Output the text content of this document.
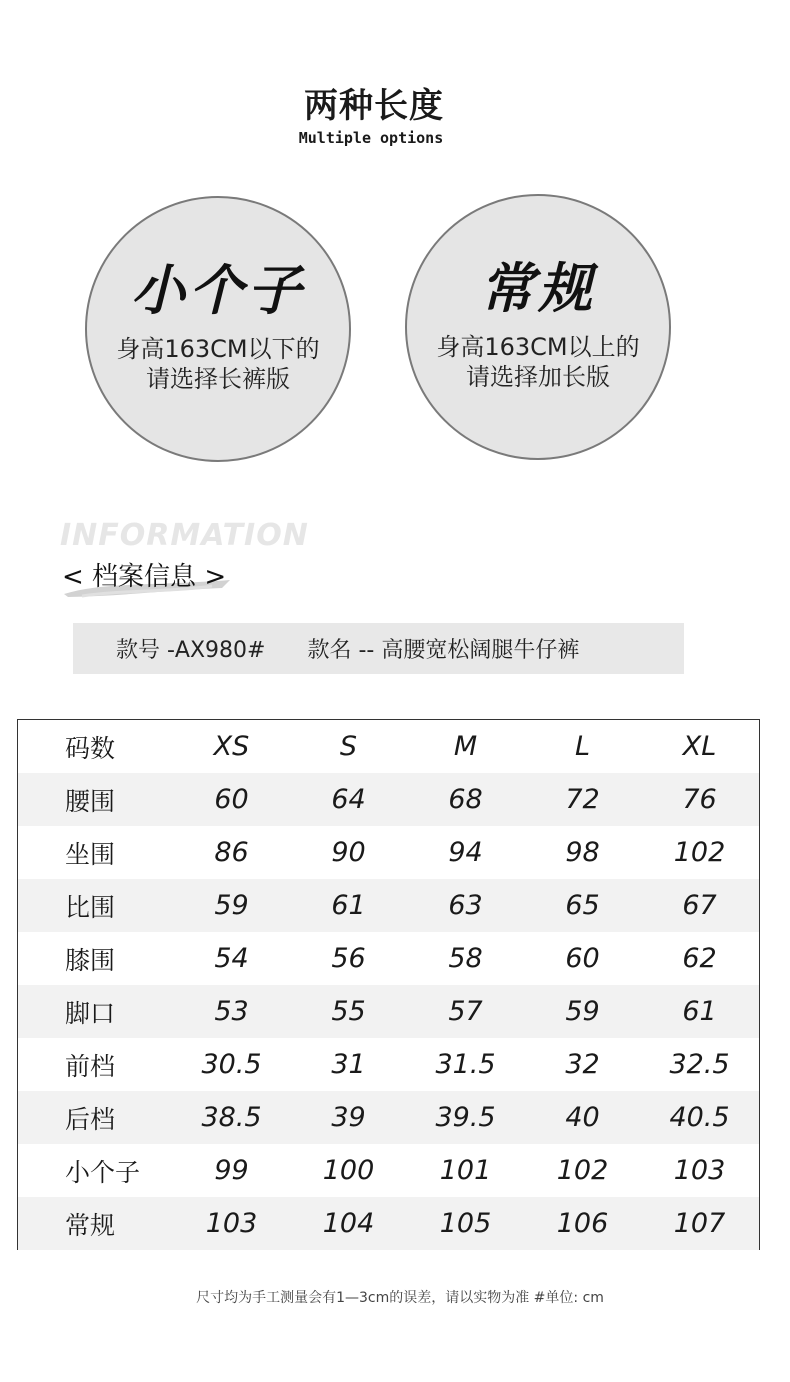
两种长度
Multiple options
小个子
身高163CM以下的
请选择长裤版
常规
身高163CM以上的
请选择加长版
INFORMATION
< 档案信息 >
款号 -AX980# 款名 -- 高腰宽松阔腿牛仔裤
码数	XS	S	M	L	XL
腰围	60	64	68	72	76
坐围	86	90	94	98	102
比围	59	61	63	65	67
膝围	54	56	58	60	62
脚口	53	55	57	59	61
前档	30.5	31	31.5	32	32.5
后档	38.5	39	39.5	40	40.5
小个子	99	100	101	102	103
常规	103	104	105	106	107
尺寸均为手工测量会有1—3cm的误差，请以实物为准 #单位: cm
